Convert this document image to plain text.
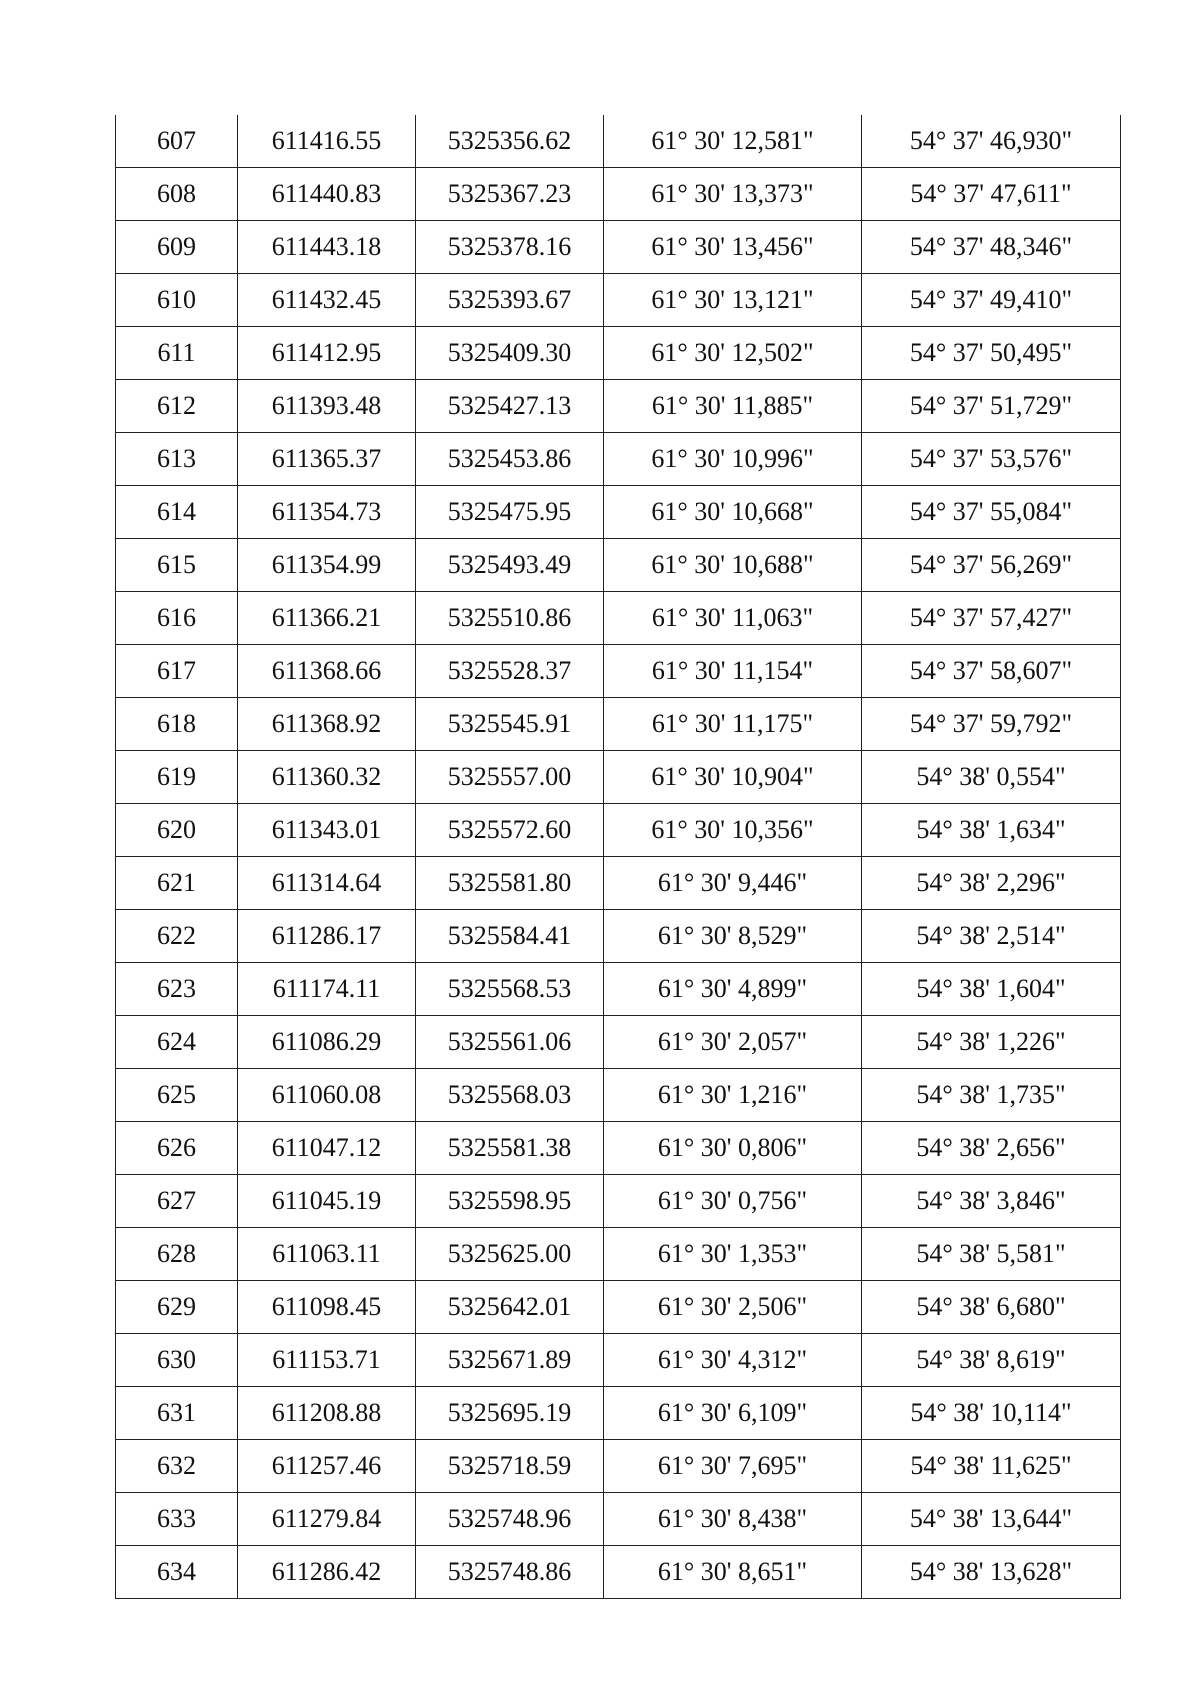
607	611416.55	5325356.62	61° 30' 12,581"	54° 37' 46,930"
608	611440.83	5325367.23	61° 30' 13,373"	54° 37' 47,611"
609	611443.18	5325378.16	61° 30' 13,456"	54° 37' 48,346"
610	611432.45	5325393.67	61° 30' 13,121"	54° 37' 49,410"
611	611412.95	5325409.30	61° 30' 12,502"	54° 37' 50,495"
612	611393.48	5325427.13	61° 30' 11,885"	54° 37' 51,729"
613	611365.37	5325453.86	61° 30' 10,996"	54° 37' 53,576"
614	611354.73	5325475.95	61° 30' 10,668"	54° 37' 55,084"
615	611354.99	5325493.49	61° 30' 10,688"	54° 37' 56,269"
616	611366.21	5325510.86	61° 30' 11,063"	54° 37' 57,427"
617	611368.66	5325528.37	61° 30' 11,154"	54° 37' 58,607"
618	611368.92	5325545.91	61° 30' 11,175"	54° 37' 59,792"
619	611360.32	5325557.00	61° 30' 10,904"	54° 38' 0,554"
620	611343.01	5325572.60	61° 30' 10,356"	54° 38' 1,634"
621	611314.64	5325581.80	61° 30' 9,446"	54° 38' 2,296"
622	611286.17	5325584.41	61° 30' 8,529"	54° 38' 2,514"
623	611174.11	5325568.53	61° 30' 4,899"	54° 38' 1,604"
624	611086.29	5325561.06	61° 30' 2,057"	54° 38' 1,226"
625	611060.08	5325568.03	61° 30' 1,216"	54° 38' 1,735"
626	611047.12	5325581.38	61° 30' 0,806"	54° 38' 2,656"
627	611045.19	5325598.95	61° 30' 0,756"	54° 38' 3,846"
628	611063.11	5325625.00	61° 30' 1,353"	54° 38' 5,581"
629	611098.45	5325642.01	61° 30' 2,506"	54° 38' 6,680"
630	611153.71	5325671.89	61° 30' 4,312"	54° 38' 8,619"
631	611208.88	5325695.19	61° 30' 6,109"	54° 38' 10,114"
632	611257.46	5325718.59	61° 30' 7,695"	54° 38' 11,625"
633	611279.84	5325748.96	61° 30' 8,438"	54° 38' 13,644"
634	611286.42	5325748.86	61° 30' 8,651"	54° 38' 13,628"
